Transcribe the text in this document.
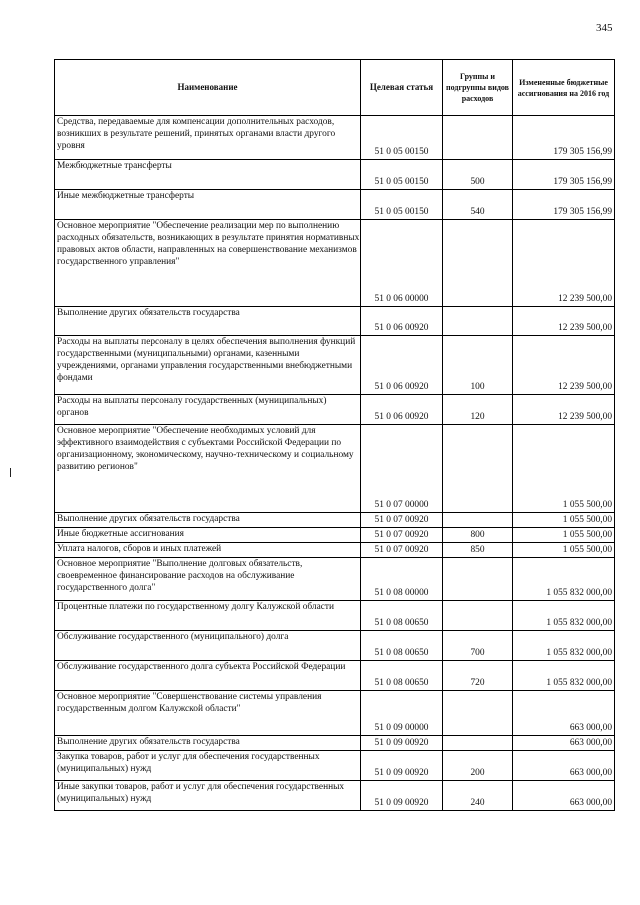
345
Наименование	Целевая статья	Группы и подгруппы видов расходов	Измененные бюджетные ассигнования на 2016 год
Средства, передаваемые для компенсации дополнительных расходов, возникших в результате решений, принятых органами власти другого уровня	51 0 05 00150		179 305 156,99
Межбюджетные трансферты	51 0 05 00150	500	179 305 156,99
Иные межбюджетные трансферты	51 0 05 00150	540	179 305 156,99
Основное мероприятие "Обеспечение реализации мер по выполнению расходных обязательств, возникающих в результате принятия нормативных правовых актов области, направленных на совершенствование механизмов государственного управления"	51 0 06 00000		12 239 500,00
Выполнение других обязательств государства	51 0 06 00920		12 239 500,00
Расходы на выплаты персоналу в целях обеспечения выполнения функций государственными (муниципальными) органами, казенными учреждениями, органами управления государственными внебюджетными фондами	51 0 06 00920	100	12 239 500,00
Расходы на выплаты персоналу государственных (муниципальных) органов	51 0 06 00920	120	12 239 500,00
Основное мероприятие "Обеспечение необходимых условий для эффективного взаимодействия с субъектами Российской Федерации по организационному, экономическому, научно-техническому и социальному развитию регионов"	51 0 07 00000		1 055 500,00
Выполнение других обязательств государства	51 0 07 00920		1 055 500,00
Иные бюджетные ассигнования	51 0 07 00920	800	1 055 500,00
Уплата налогов, сборов и иных платежей	51 0 07 00920	850	1 055 500,00
Основное мероприятие "Выполнение долговых обязательств, своевременное финансирование расходов на обслуживание государственного долга"	51 0 08 00000		1 055 832 000,00
Процентные платежи по государственному долгу Калужской области	51 0 08 00650		1 055 832 000,00
Обслуживание государственного (муниципального) долга	51 0 08 00650	700	1 055 832 000,00
Обслуживание государственного долга субъекта Российской Федерации	51 0 08 00650	720	1 055 832 000,00
Основное мероприятие "Совершенствование системы управления государственным долгом Калужской области"	51 0 09 00000		663 000,00
Выполнение других обязательств государства	51 0 09 00920		663 000,00
Закупка товаров, работ и услуг для обеспечения государственных (муниципальных) нужд	51 0 09 00920	200	663 000,00
Иные закупки товаров, работ и услуг для обеспечения государственных (муниципальных) нужд	51 0 09 00920	240	663 000,00
